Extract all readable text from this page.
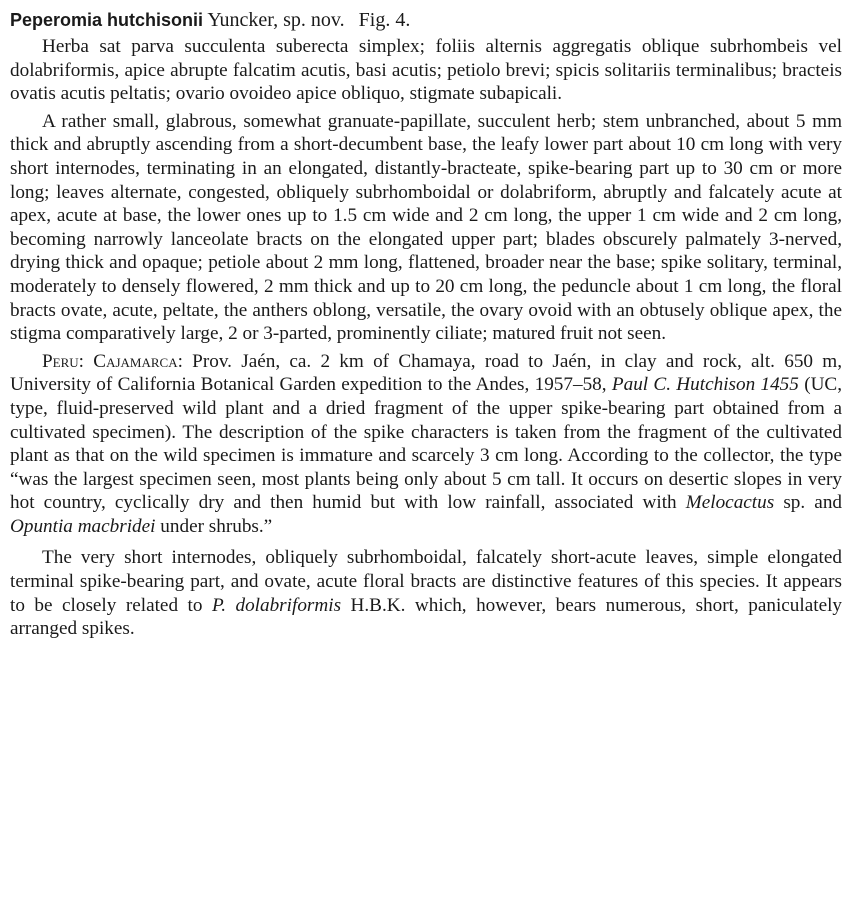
Peperomia hutchisonii Yuncker, sp. nov. Fig. 4.

Herba sat parva succulenta suberecta simplex; foliis alternis aggregatis oblique subrhombeis vel dolabriformis, apice abrupte falcatim acutis, basi acutis; petiolo brevi; spicis solitariis terminalibus; bracteis ovatis acutis peltatis; ovario ovoideo apice obliquo, stigmate subapicali.

A rather small, glabrous, somewhat granuate-papillate, succulent herb; stem unbranched, about 5 mm thick and abruptly ascending from a short-decumbent base, the leafy lower part about 10 cm long with very short internodes, terminating in an elongated, distantly-bracteate, spike-bearing part up to 30 cm or more long; leaves alternate, congested, obliquely subrhomboidal or dolabriform, abruptly and falcately acute at apex, acute at base, the lower ones up to 1.5 cm wide and 2 cm long, the upper 1 cm wide and 2 cm long, becoming narrowly lanceolate bracts on the elongated upper part; blades obscurely palmately 3-nerved, drying thick and opaque; petiole about 2 mm long, flattened, broader near the base; spike solitary, terminal, moderately to densely flowered, 2 mm thick and up to 20 cm long, the peduncle about 1 cm long, the floral bracts ovate, acute, peltate, the anthers oblong, versatile, the ovary ovoid with an obtusely oblique apex, the stigma comparatively large, 2 or 3-parted, prominently ciliate; matured fruit not seen.

Peru: Cajamarca: Prov. Jaén, ca. 2 km of Chamaya, road to Jaén, in clay and rock, alt. 650 m, University of California Botanical Garden expedition to the Andes, 1957–58, Paul C. Hutchison 1455 (UC, type, fluid-preserved wild plant and a dried fragment of the upper spike-bearing part obtained from a cultivated specimen). The description of the spike characters is taken from the fragment of the cultivated plant as that on the wild specimen is immature and scarcely 3 cm long. According to the collector, the type “was the largest specimen seen, most plants being only about 5 cm tall. It occurs on desertic slopes in very hot country, cyclically dry and then humid but with low rainfall, associated with Melocactus sp. and Opuntia macbridei under shrubs.”

The very short internodes, obliquely subrhomboidal, falcately short-acute leaves, simple elongated terminal spike-bearing part, and ovate, acute floral bracts are distinctive features of this species. It appears to be closely related to P. dolabriformis H.B.K. which, however, bears numerous, short, paniculately arranged spikes.
